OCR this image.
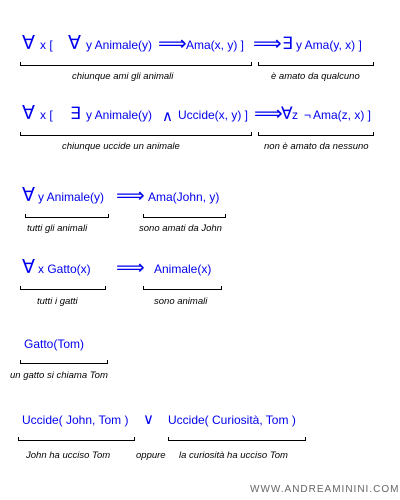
∀ x [ ∀ y Animale(y) ⟹ Ama(x, y) ] ⟹ ∃ y Ama(y, x) ]
chiunque ami gli animali	è amato da qualcuno
∀ x [ ∃ y Animale(y) ∧ Uccide(x, y) ] ⟹
∀ z ¬ Ama(z, x) ]
chiunque uccide un animale	non è amato da nessuno
∀ y Animale(y) ⟹ Ama(John, y)
tutti gli animali	sono amati da John
∀ x Gatto(x) ⟹ Animale(x)
tutti i gatti	sono animali
Gatto(Tom)
un gatto si chiama Tom
Uccide( John, Tom ) ∨ Uccide( Curiosità, Tom )
John ha ucciso Tom	oppure la curiosità ha ucciso Tom
WWW.ANDREAMININI.COM
